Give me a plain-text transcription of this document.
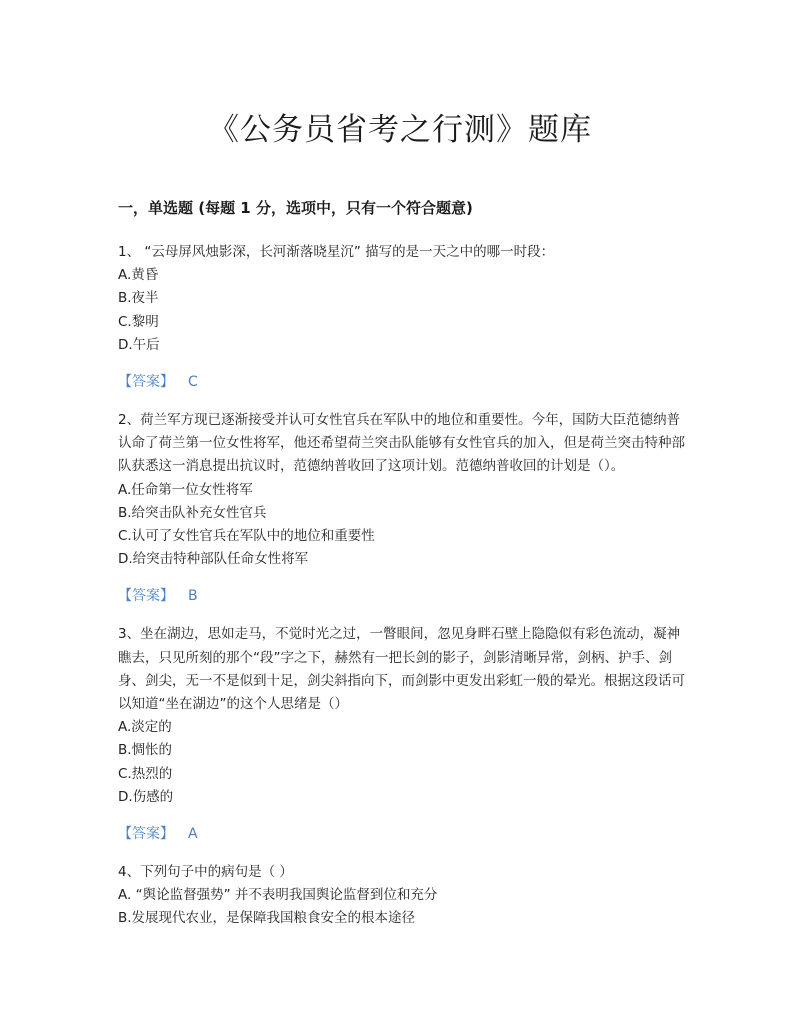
《公务员省考之行测》题库
一，单选题 (每题 1 分，选项中，只有一个符合题意)

1、 “云母屏风烛影深，长河渐落晓星沉” 描写的是一天之中的哪一时段：

A.黄昏

B.夜半

C.黎明

D.午后

【答案】 C

2、荷兰军方现已逐渐接受并认可女性官兵在军队中的地位和重要性。今年，国防大臣范德纳普认命了荷兰第一位女性将军，他还希望荷兰突击队能够有女性官兵的加入，但是荷兰突击特种部队获悉这一消息提出抗议时，范德纳普收回了这项计划。范德纳普收回的计划是（）。

A.任命第一位女性将军

B.给突击队补充女性官兵

C.认可了女性官兵在军队中的地位和重要性

D.给突击特种部队任命女性将军

【答案】 B

3、坐在湖边，思如走马，不觉时光之过，一瞥眼间，忽见身畔石壁上隐隐似有彩色流动，凝神瞧去，只见所刻的那个“段”字之下，赫然有一把长剑的影子，剑影清晰异常，剑柄、护手、剑身、剑尖，无一不是似到十足，剑尖斜指向下，而剑影中更发出彩虹一般的晕光。根据这段话可以知道“坐在湖边”的这个人思绪是（）

A.淡定的

B.惆怅的

C.热烈的

D.伤感的

【答案】 A

4、下列句子中的病句是（ ）

A. “舆论监督强势” 并不表明我国舆论监督到位和充分

B.发展现代农业，是保障我国粮食安全的根本途径
